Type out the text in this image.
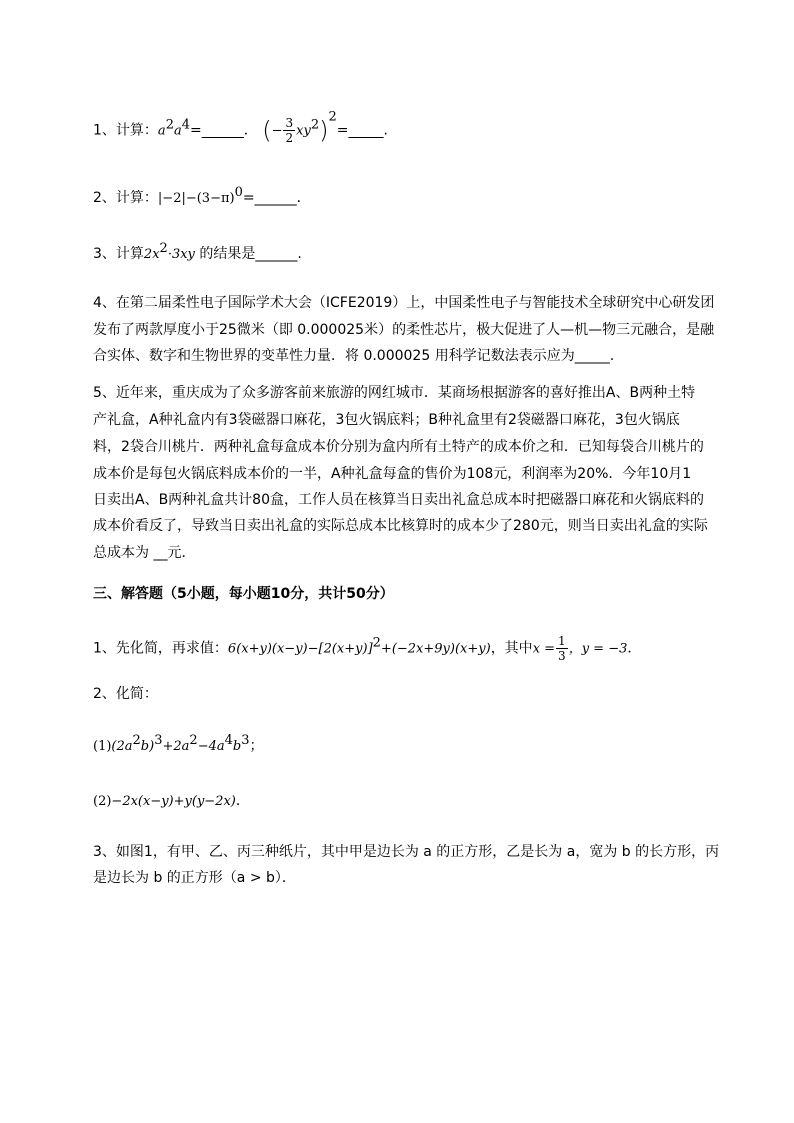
1、计算：$a^2a^4=\_\_\_\_\_\_$． (− $\frac{3}{2}$ $xy^2)^2=\_\_\_\_\_$.
2、计算：$|-2|-(3-\pi)^0=\_\_\_\_\_\_$．
3、计算$2x^2\cdot 3xy$ 的结果是______.
4、在第二届柔性电子国际学术大会（ICFE2019）上，中国柔性电子与智能技术全球研究中心研发团
发布了两款厚度小于25微米（即 0.000025米）的柔性芯片，极大促进了人—机—物三元融合，是融
合实体、数字和生物世界的变革性力量．将 0.000025 用科学记数法表示应为_____.
5、近年来，重庆成为了众多游客前来旅游的网红城市．某商场根据游客的喜好推出A、B两种土特
产礼盒，A种礼盒内有3袋磁器口麻花，3包火锅底料；B种礼盒里有2袋磁器口麻花，3包火锅底
料，2袋合川桃片．两种礼盒每盒成本价分别为盒内所有土特产的成本价之和．已知每袋合川桃片的
成本价是每包火锅底料成本价的一半，A种礼盒每盒的售价为108元，利润率为20%．今年10月1
日卖出A、B两种礼盒共计80盒，工作人员在核算当日卖出礼盒总成本时把磁器口麻花和火锅底料的
成本价看反了，导致当日卖出礼盒的实际总成本比核算时的成本少了280元，则当日卖出礼盒的实际
总成本为 __元．
三、解答题（5小题，每小题10分，共计50分）
1、先化简，再求值：$6(x+y)(x-y)-[2(x+y)]^2+(-2x+9y)(x+y)$，其中$x = \frac{1}{3}$ ，y = −3．
2、化简：
$(1)(2a^2b)^3+2a^2-4a^4b^3$；
(2)−2x(x−y)+y(y−2x)．
3、如图1，有甲、乙、丙三种纸片，其中甲是边长为 a 的正方形，乙是长为 a，宽为 b 的长方形，丙
是边长为 b 的正方形（a > b）．
